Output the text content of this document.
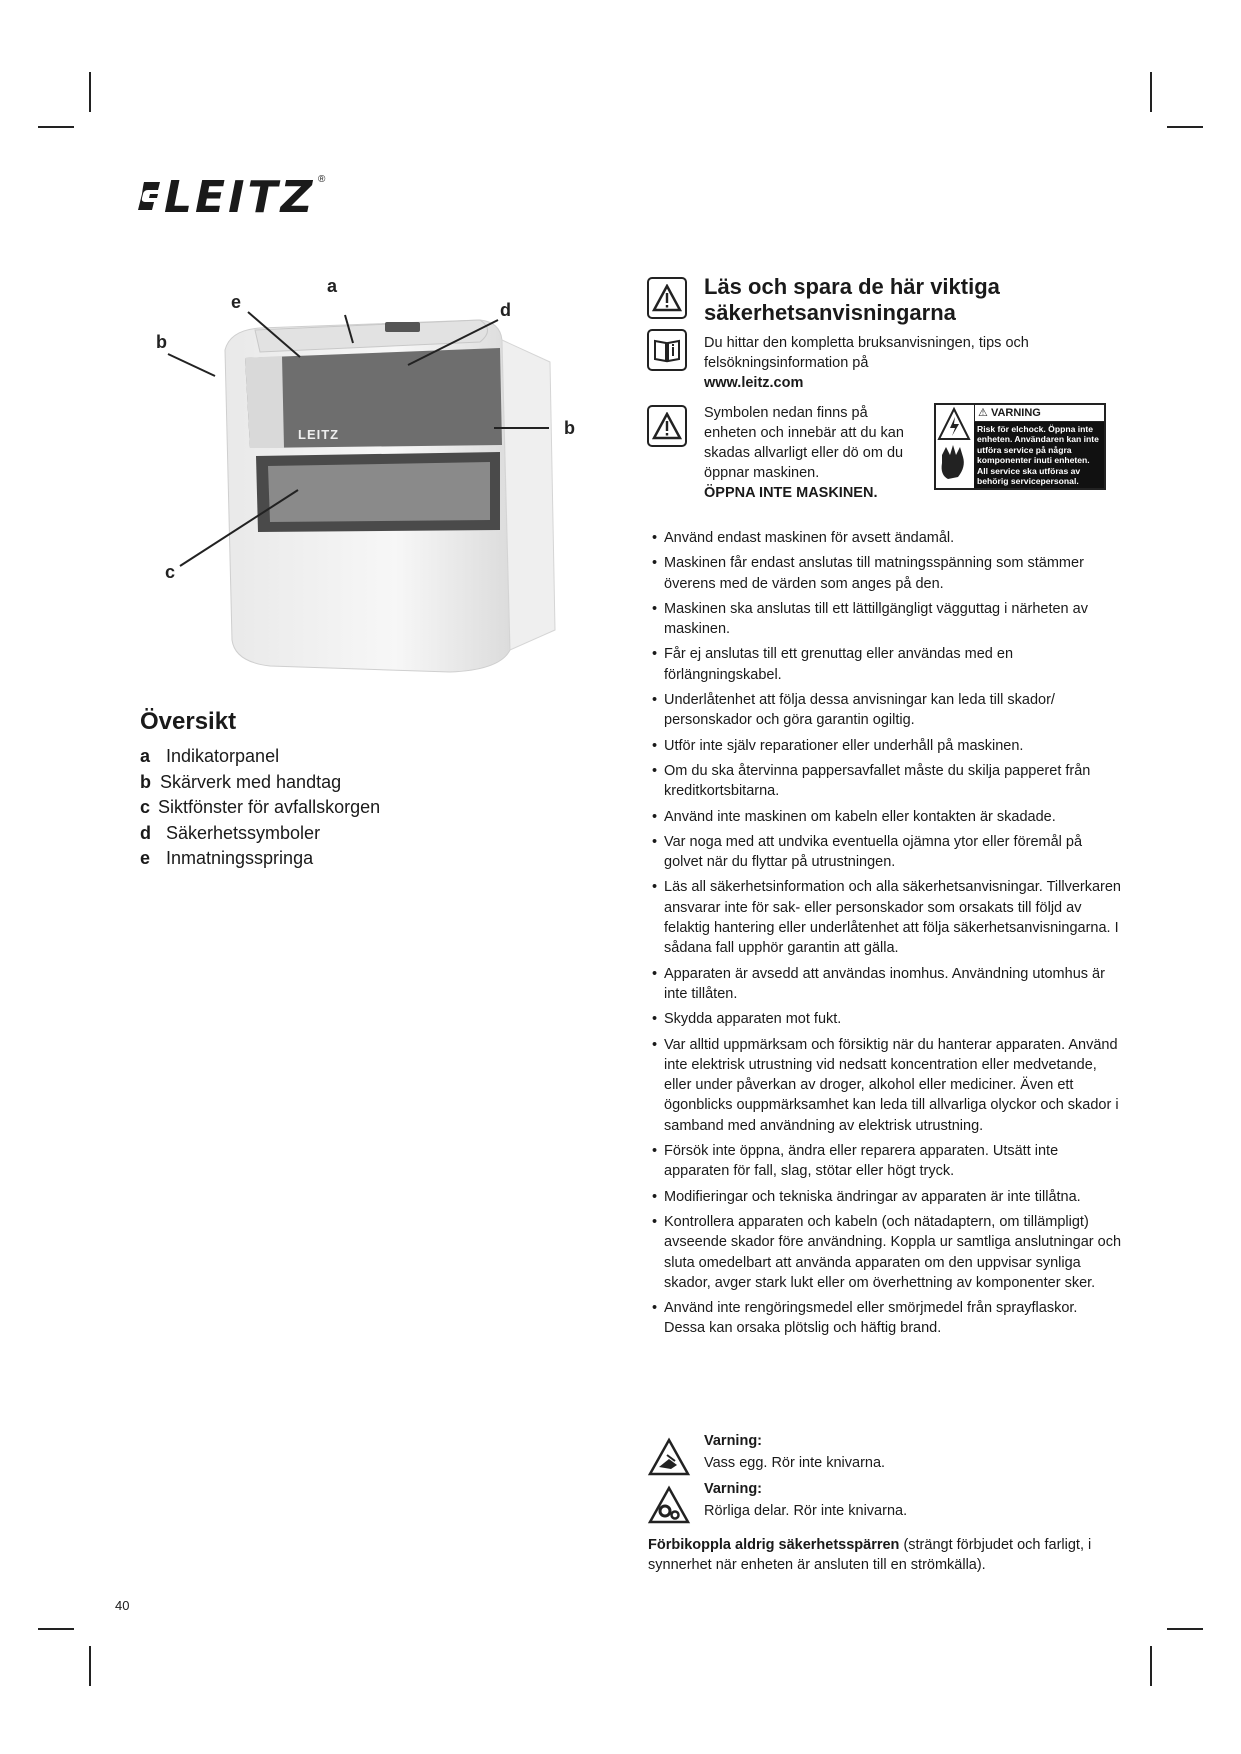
LEITZ ®
LEITZ
a
b
c
d
e
b
Översikt
a Indikatorpanel
b Skärverk med handtag
c Siktfönster för avfallskorgen
d Säkerhetssymboler
e Inmatningsspringa
Läs och spara de här viktiga säkerhetsanvisningarna
Du hittar den kompletta bruksanvisningen, tips och felsökningsinformation på
www.leitz.com
Symbolen nedan finns på enheten och innebär att du kan skadas allvarligt eller dö om du öppnar maskinen.
ÖPPNA INTE MASKINEN.
⚠ VARNING
Risk för elchock. Öppna inte enheten. Användaren kan inte utföra service på några komponenter inuti enheten. All service ska utföras av behörig servicepersonal.
• Använd endast maskinen för avsett ändamål.
• Maskinen får endast anslutas till matningsspänning som stämmer överens med de värden som anges på den.
• Maskinen ska anslutas till ett lättillgängligt vägguttag i närheten av maskinen.
• Får ej anslutas till ett grenuttag eller användas med en förlängningskabel.
• Underlåtenhet att följa dessa anvisningar kan leda till skador/ personskador och göra garantin ogiltig.
• Utför inte själv reparationer eller underhåll på maskinen.
• Om du ska återvinna pappersavfallet måste du skilja papperet från kreditkortsbitarna.
• Använd inte maskinen om kabeln eller kontakten är skadade.
• Var noga med att undvika eventuella ojämna ytor eller föremål på golvet när du flyttar på utrustningen.
• Läs all säkerhetsinformation och alla säkerhetsanvisningar. Tillverkaren ansvarar inte för sak- eller personskador som orsakats till följd av felaktig hantering eller underlåtenhet att följa säkerhetsanvisningarna. I sådana fall upphör garantin att gälla.
• Apparaten är avsedd att användas inomhus. Användning utomhus är inte tillåten.
• Skydda apparaten mot fukt.
• Var alltid uppmärksam och försiktig när du hanterar apparaten. Använd inte elektrisk utrustning vid nedsatt koncentration eller medvetande, eller under påverkan av droger, alkohol eller mediciner. Även ett ögonblicks ouppmärksamhet kan leda till allvarliga olyckor och skador i samband med användning av elektrisk utrustning.
• Försök inte öppna, ändra eller reparera apparaten. Utsätt inte apparaten för fall, slag, stötar eller högt tryck.
• Modifieringar och tekniska ändringar av apparaten är inte tillåtna.
• Kontrollera apparaten och kabeln (och nätadaptern, om tillämpligt) avseende skador före användning. Koppla ur samtliga anslutningar och sluta omedelbart att använda apparaten om den uppvisar synliga skador, avger stark lukt eller om överhettning av komponenter sker.
• Använd inte rengöringsmedel eller smörjmedel från sprayflaskor. Dessa kan orsaka plötslig och häftig brand.
Varning:
Vass egg. Rör inte knivarna.
Varning:
Rörliga delar. Rör inte knivarna.
Förbikoppla aldrig säkerhetsspärren (strängt förbjudet och farligt, i synnerhet när enheten är ansluten till en strömkälla).
40
